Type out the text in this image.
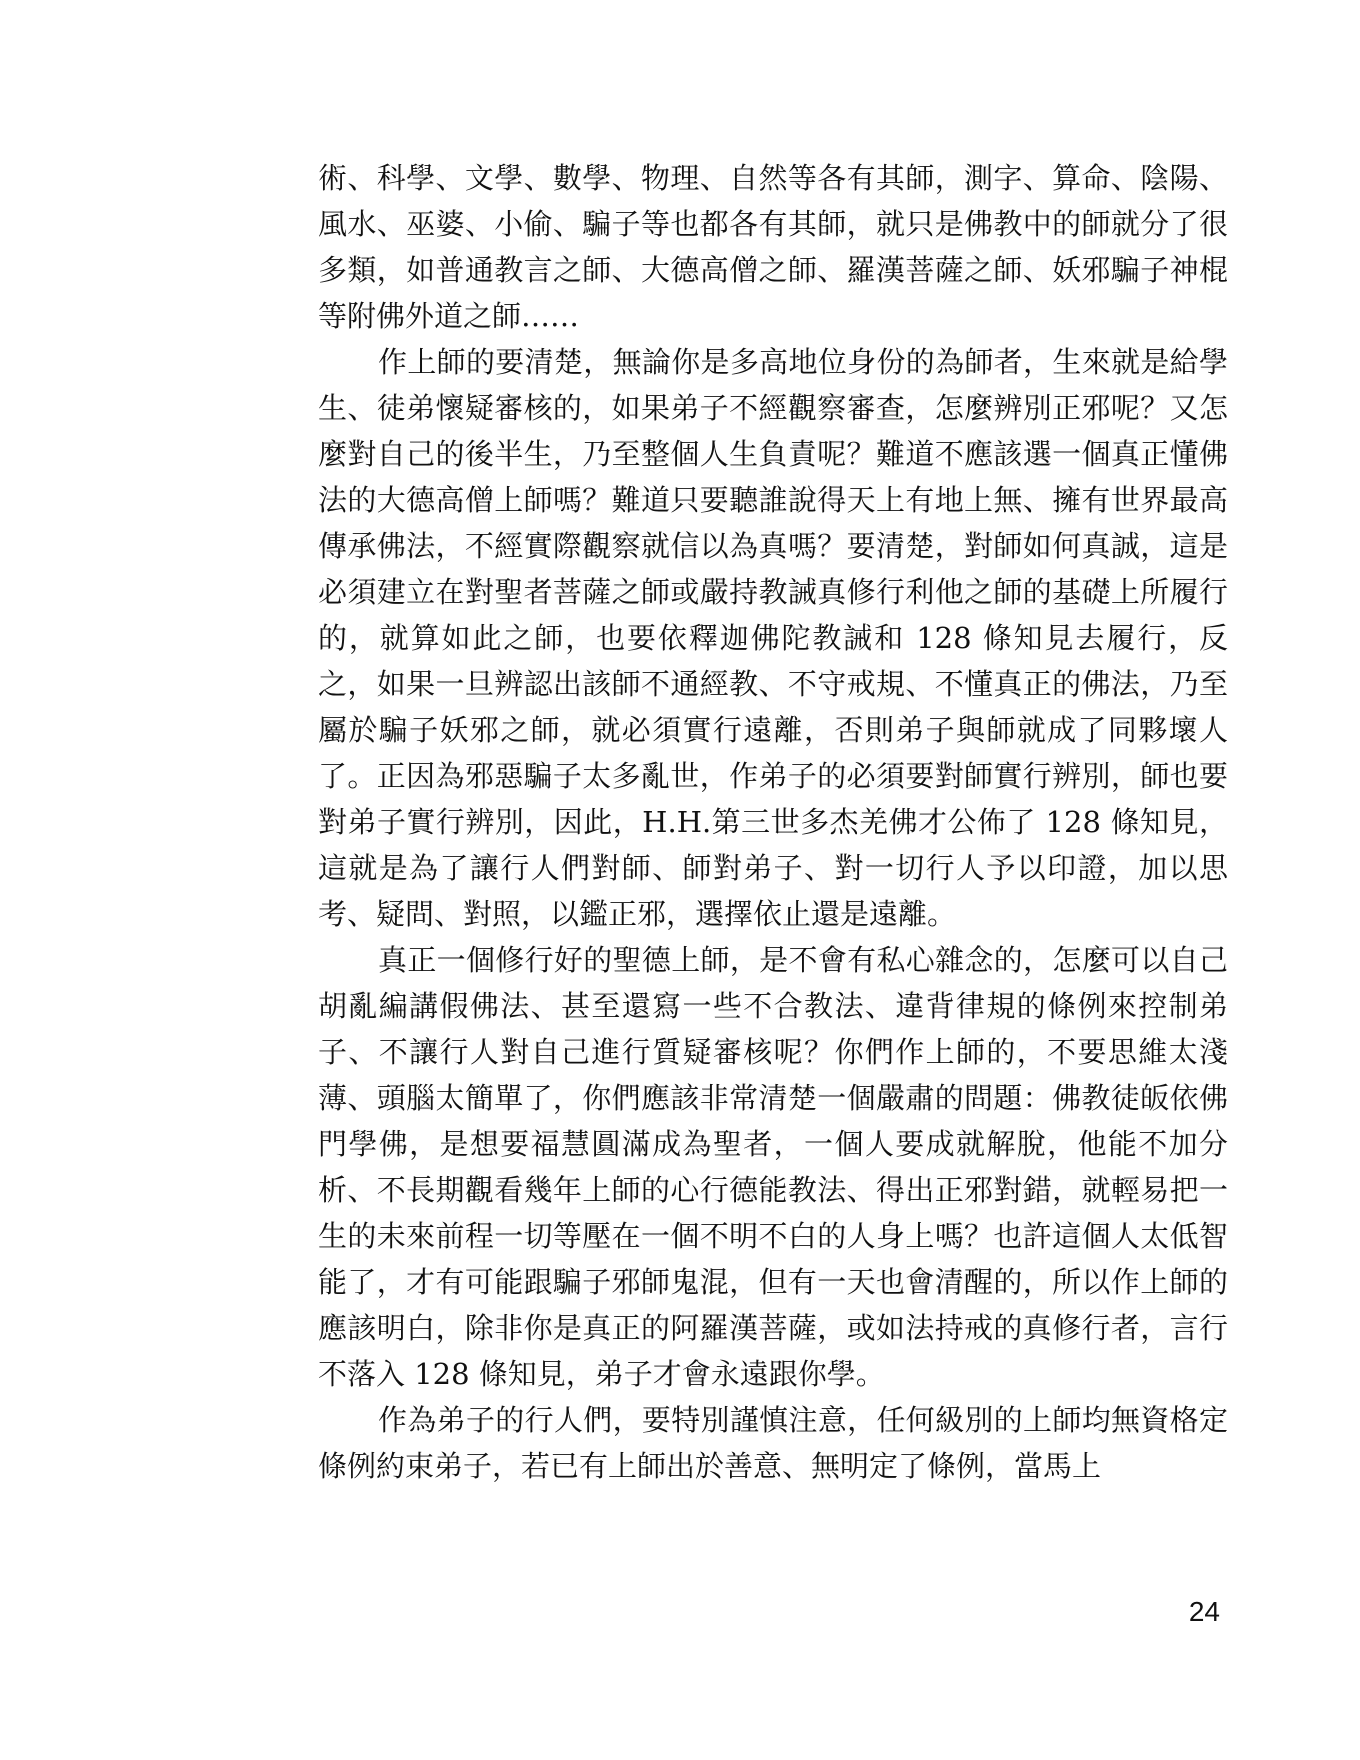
術、科學、文學、數學、物理、自然等各有其師，測字、算命、陰陽、風水、巫婆、小偷、騙子等也都各有其師，就只是佛教中的師就分了很多類，如普通教言之師、大德高僧之師、羅漢菩薩之師、妖邪騙子神棍等附佛外道之師……

作上師的要清楚，無論你是多高地位身份的為師者，生來就是給學生、徒弟懷疑審核的，如果弟子不經觀察審查，怎麼辨別正邪呢？又怎麼對自己的後半生，乃至整個人生負責呢？難道不應該選一個真正懂佛法的大德高僧上師嗎？難道只要聽誰說得天上有地上無、擁有世界最高傳承佛法，不經實際觀察就信以為真嗎？要清楚，對師如何真誠，這是必須建立在對聖者菩薩之師或嚴持教誡真修行利他之師的基礎上所履行的，就算如此之師，也要依釋迦佛陀教誡和 128 條知見去履行，反之，如果一旦辨認出該師不通經教、不守戒規、不懂真正的佛法，乃至屬於騙子妖邪之師，就必須實行遠離，否則弟子與師就成了同夥壞人了。正因為邪惡騙子太多亂世，作弟子的必須要對師實行辨別，師也要對弟子實行辨別，因此，H.H.第三世多杰羌佛才公佈了 128 條知見，這就是為了讓行人們對師、師對弟子、對一切行人予以印證，加以思考、疑問、對照，以鑑正邪，選擇依止還是遠離。

真正一個修行好的聖德上師，是不會有私心雜念的，怎麼可以自己胡亂編講假佛法、甚至還寫一些不合教法、違背律規的條例來控制弟子、不讓行人對自己進行質疑審核呢？你們作上師的，不要思維太淺薄、頭腦太簡單了，你們應該非常清楚一個嚴肅的問題：佛教徒皈依佛門學佛，是想要福慧圓滿成為聖者，一個人要成就解脫，他能不加分析、不長期觀看幾年上師的心行德能教法、得出正邪對錯，就輕易把一生的未來前程一切等壓在一個不明不白的人身上嗎？也許這個人太低智能了，才有可能跟騙子邪師鬼混，但有一天也會清醒的，所以作上師的應該明白，除非你是真正的阿羅漢菩薩，或如法持戒的真修行者，言行不落入 128 條知見，弟子才會永遠跟你學。

作為弟子的行人們，要特別謹慎注意，任何級別的上師均無資格定條例約束弟子，若已有上師出於善意、無明定了條例，當馬上

24
